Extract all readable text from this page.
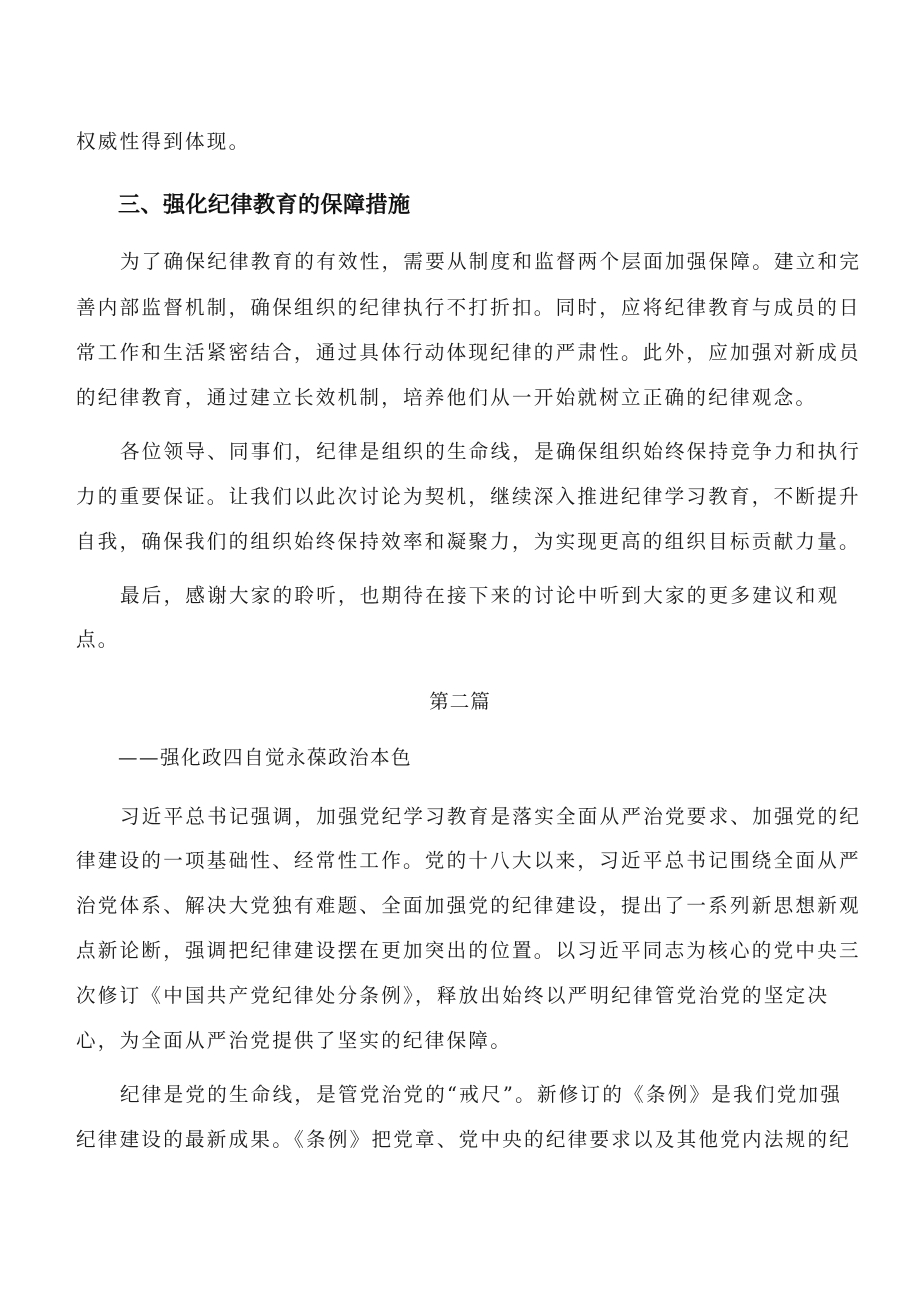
权威性得到体现。
三、强化纪律教育的保障措施
为了确保纪律教育的有效性，需要从制度和监督两个层面加强保障。建立和完
善内部监督机制，确保组织的纪律执行不打折扣。同时，应将纪律教育与成员的日
常工作和生活紧密结合，通过具体行动体现纪律的严肃性。此外，应加强对新成员
的纪律教育，通过建立长效机制，培养他们从一开始就树立正确的纪律观念。
各位领导、同事们，纪律是组织的生命线，是确保组织始终保持竞争力和执行
力的重要保证。让我们以此次讨论为契机，继续深入推进纪律学习教育，不断提升
自我，确保我们的组织始终保持效率和凝聚力，为实现更高的组织目标贡献力量。
最后，感谢大家的聆听，也期待在接下来的讨论中听到大家的更多建议和观
点。
第二篇
——强化政四自觉永葆政治本色
习近平总书记强调，加强党纪学习教育是落实全面从严治党要求、加强党的纪
律建设的一项基础性、经常性工作。党的十八大以来，习近平总书记围绕全面从严
治党体系、解决大党独有难题、全面加强党的纪律建设，提出了一系列新思想新观
点新论断，强调把纪律建设摆在更加突出的位置。以习近平同志为核心的党中央三
次修订《中国共产党纪律处分条例》，释放出始终以严明纪律管党治党的坚定决
心，为全面从严治党提供了坚实的纪律保障。
纪律是党的生命线，是管党治党的“戒尺”。新修订的《条例》是我们党加强
纪律建设的最新成果。《条例》把党章、党中央的纪律要求以及其他党内法规的纪
